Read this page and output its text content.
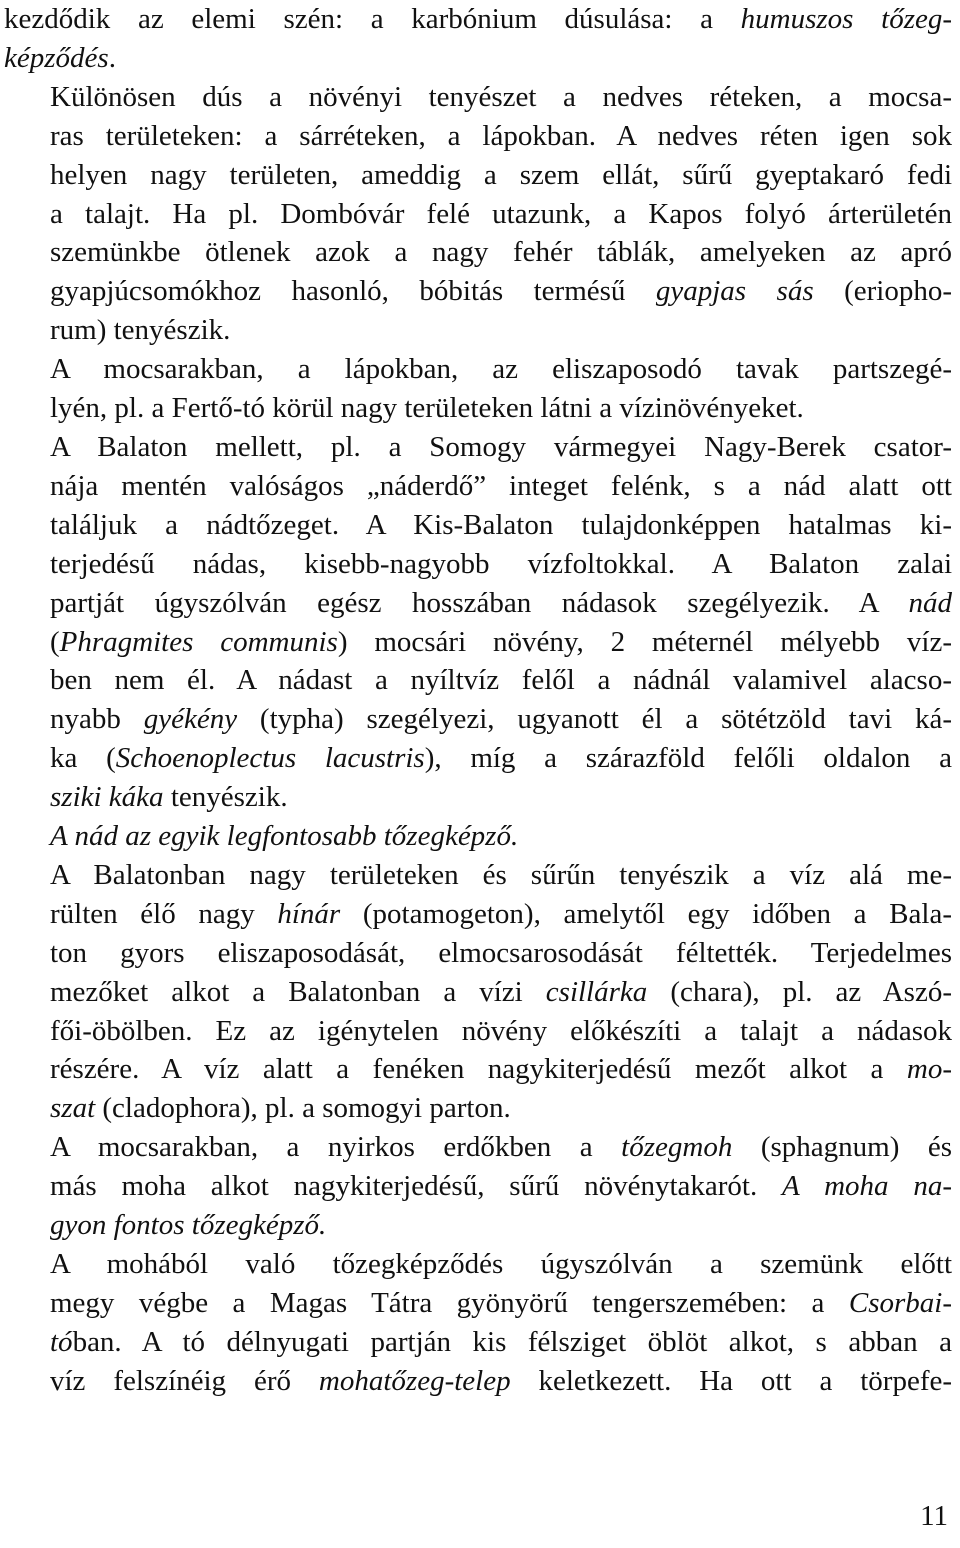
kezdődik az elemi szén: a karbónium dúsulása: a humuszos tőzeg-
képződés.

Különösen dús a növényi tenyészet a nedves réteken, a mocsa-
ras területeken: a sárréteken, a lápokban. A nedves réten igen sok
helyen nagy területen, ameddig a szem ellát, sűrű gyeptakaró fedi
a talajt. Ha pl. Dombóvár felé utazunk, a Kapos folyó árterületén
szemünkbe ötlenek azok a nagy fehér táblák, amelyeken az apró
gyapjúcsomókhoz hasonló, bóbitás termésű gyapjas sás (eriopho-
rum) tenyészik.

A mocsarakban, a lápokban, az eliszaposodó tavak partszegé-
lyén, pl. a Fertő-tó körül nagy területeken látni a vízinövényeket.

A Balaton mellett, pl. a Somogy vármegyei Nagy-Berek csator-
nája mentén valóságos „náderdő” integet felénk, s a nád alatt ott
találjuk a nádtőzeget. A Kis-Balaton tulajdonképpen hatalmas ki-
terjedésű nádas, kisebb-nagyobb vízfoltokkal. A Balaton zalai
partját úgyszólván egész hosszában nádasok szegélyezik. A nád
(Phragmites communis) mocsári növény, 2 méternél mélyebb víz-
ben nem él. A nádast a nyíltvíz felől a nádnál valamivel alacso-
nyabb gyékény (typha) szegélyezi, ugyanott él a sötétzöld tavi ká-
ka (Schoenoplectus lacustris), míg a szárazföld felőli oldalon a
sziki káka tenyészik.

A nád az egyik legfontosabb tőzegképző.

A Balatonban nagy területeken és sűrűn tenyészik a víz alá me-
rülten élő nagy hínár (potamogeton), amelytől egy időben a Bala-
ton gyors eliszaposodását, elmocsarosodását féltették. Terjedelmes
mezőket alkot a Balatonban a vízi csillárka (chara), pl. az Aszó-
fői-öbölben. Ez az igénytelen növény előkészíti a talajt a nádasok
részére. A víz alatt a fenéken nagykiterjedésű mezőt alkot a mo-
szat (cladophora), pl. a somogyi parton.

A mocsarakban, a nyirkos erdőkben a tőzegmoh (sphagnum) és
más moha alkot nagykiterjedésű, sűrű növénytakarót. A moha na-
gyon fontos tőzegképző.

A mohából való tőzegképződés úgyszólván a szemünk előtt
megy végbe a Magas Tátra gyönyörű tengerszemében: a Csorbai-
tóban. A tó délnyugati partján kis félsziget öblöt alkot, s abban a
víz felszínéig érő mohatőzeg-telep keletkezett. Ha ott a törpefe-

11
